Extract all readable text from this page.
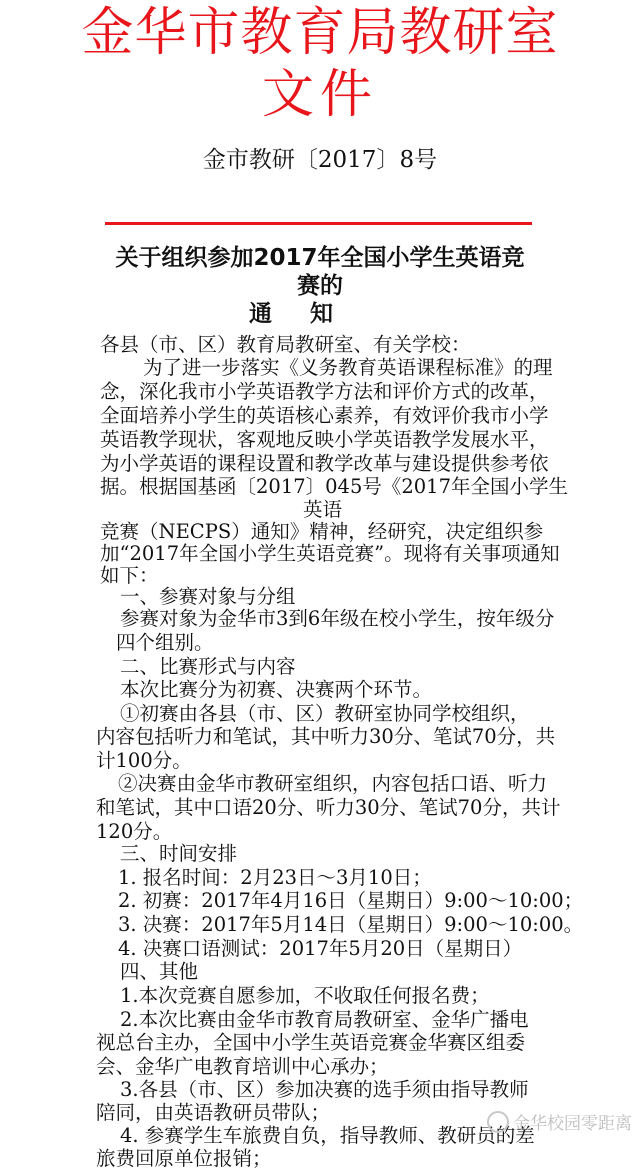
金华市教育局教研室
文件
金市教研〔2017〕8号
关于组织参加2017年全国小学生英语竞
赛的
通知
各县（市、区）教育局教研室、有关学校：
为了进一步落实《义务教育英语课程标准》的理
念，深化我市小学英语教学方法和评价方式的改革，
全面培养小学生的英语核心素养，有效评价我市小学
英语教学现状，客观地反映小学英语教学发展水平，
为小学英语的课程设置和教学改革与建设提供参考依
据。根据国基函〔2017〕045号《2017年全国小学生
英语
竞赛（NECPS）通知》精神，经研究，决定组织参
加“2017年全国小学生英语竞赛”。现将有关事项通知
如下：
一、参赛对象与分组
参赛对象为金华市3到6年级在校小学生，按年级分
四个组别。
二、比赛形式与内容
本次比赛分为初赛、决赛两个环节。
①初赛由各县（市、区）教研室协同学校组织，
内容包括听力和笔试，其中听力30分、笔试70分，共
计100分。
②决赛由金华市教研室组织，内容包括口语、听力
和笔试，其中口语20分、听力30分、笔试70分，共计
120分。
三、时间安排
1. 报名时间：2月23日～3月10日；
2. 初赛：2017年4月16日（星期日）9:00～10:00；
3. 决赛：2017年5月14日（星期日）9:00～10:00。
4. 决赛口语测试：2017年5月20日（星期日）
四、其他
1.本次竞赛自愿参加，不收取任何报名费；
2.本次比赛由金华市教育局教研室、金华广播电
视总台主办，全国中小学生英语竞赛金华赛区组委
会、金华广电教育培训中心承办；
3.各县（市、区）参加决赛的选手须由指导教师
陪同，由英语教研员带队；
4. 参赛学生车旅费自负，指导教师、教研员的差
旅费回原单位报销；
金华校园零距离
